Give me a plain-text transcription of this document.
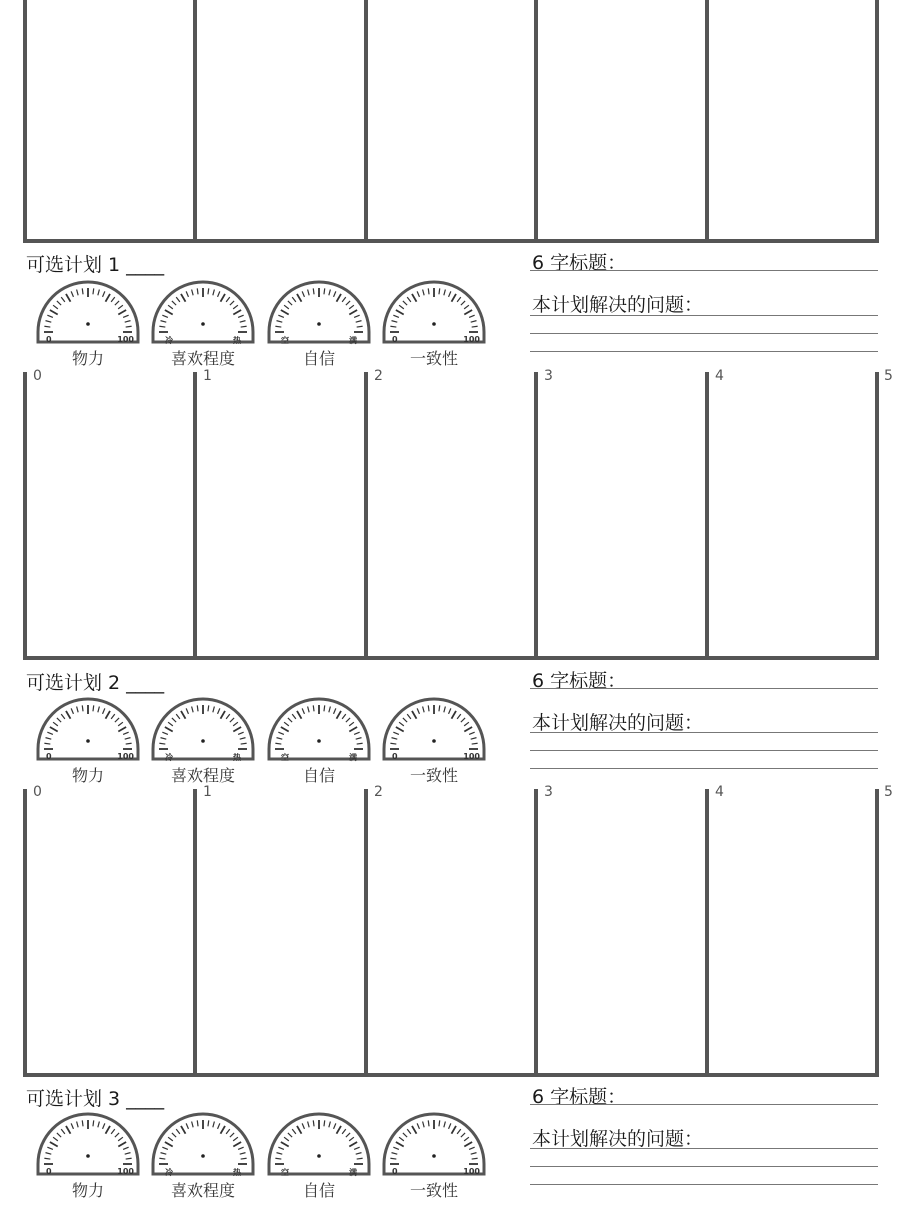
0	1	2	3	4	5
0	1	2	3	4	5
可选计划 1 ____	6 字标题：
本计划解决的问题：
0	100
物力
冷	热
喜欢程度
空	满
自信
0	100
一致性
可选计划 2 ____	6 字标题：
本计划解决的问题：
0	100
物力
冷	热
喜欢程度
空	满
自信
0	100
一致性
可选计划 3 ____	6 字标题：
本计划解决的问题：
0	100
物力
冷	热
喜欢程度
空	满
自信
0	100
一致性
